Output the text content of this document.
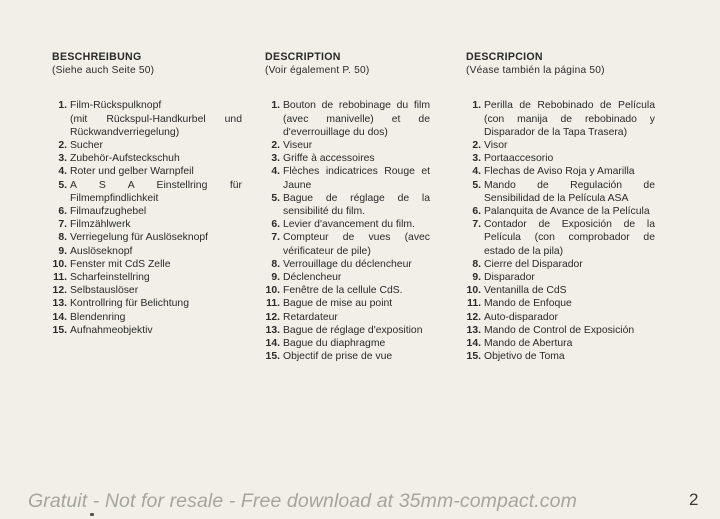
BESCHREIBUNG
(Siehe auch Seite 50)
1. Film-Rückspulknopf
(mit Rückspul-Handkurbel und Rückwandverriegelung)
2. Sucher
3. Zubehör-Aufsteckschuh
4. Roter und gelber Warnpfeil
5. A S A Einstellring für Filmempfindlichkeit
6. Filmaufzughebel
7. Filmzählwerk
8. Verriegelung für Auslöseknopf
9. Auslöseknopf
10. Fenster mit CdS Zelle
11. Scharfeinstellring
12. Selbstauslöser
13. Kontrollring für Belichtung
14. Blendenring
15. Aufnahmeobjektiv
DESCRIPTION
(Voir également P. 50)
1. Bouton de rebobinage du film (avec manivelle) et de d'everrouillage du dos)
2. Viseur
3. Griffe à accessoires
4. Flèches indicatrices Rouge et Jaune
5. Bague de réglage de la sensibilité du film.
6. Levier d'avancement du film.
7. Compteur de vues (avec vérificateur de pile)
8. Verrouillage du déclencheur
9. Déclencheur
10. Fenêtre de la cellule CdS.
11. Bague de mise au point
12. Retardateur
13. Bague de réglage d'exposition
14. Bague du diaphragme
15. Objectif de prise de vue
DESCRIPCION
(Véase también la página 50)
1. Perilla de Rebobinado de Película (con manija de rebobinado y Disparador de la Tapa Trasera)
2. Visor
3. Portaaccesorio
4. Flechas de Aviso Roja y Amarilla
5. Mando de Regulación de Sensibilidad de la Película ASA
6. Palanquita de Avance de la Película
7. Contador de Exposición de la Película (con comprobador de estado de la pila)
8. Cierre del Disparador
9. Disparador
10. Ventanilla de CdS
11. Mando de Enfoque
12. Auto-disparador
13. Mando de Control de Exposición
14. Mando de Abertura
15. Objetivo de Toma
Gratuit - Not for resale - Free download at 35mm-compact.com	2
